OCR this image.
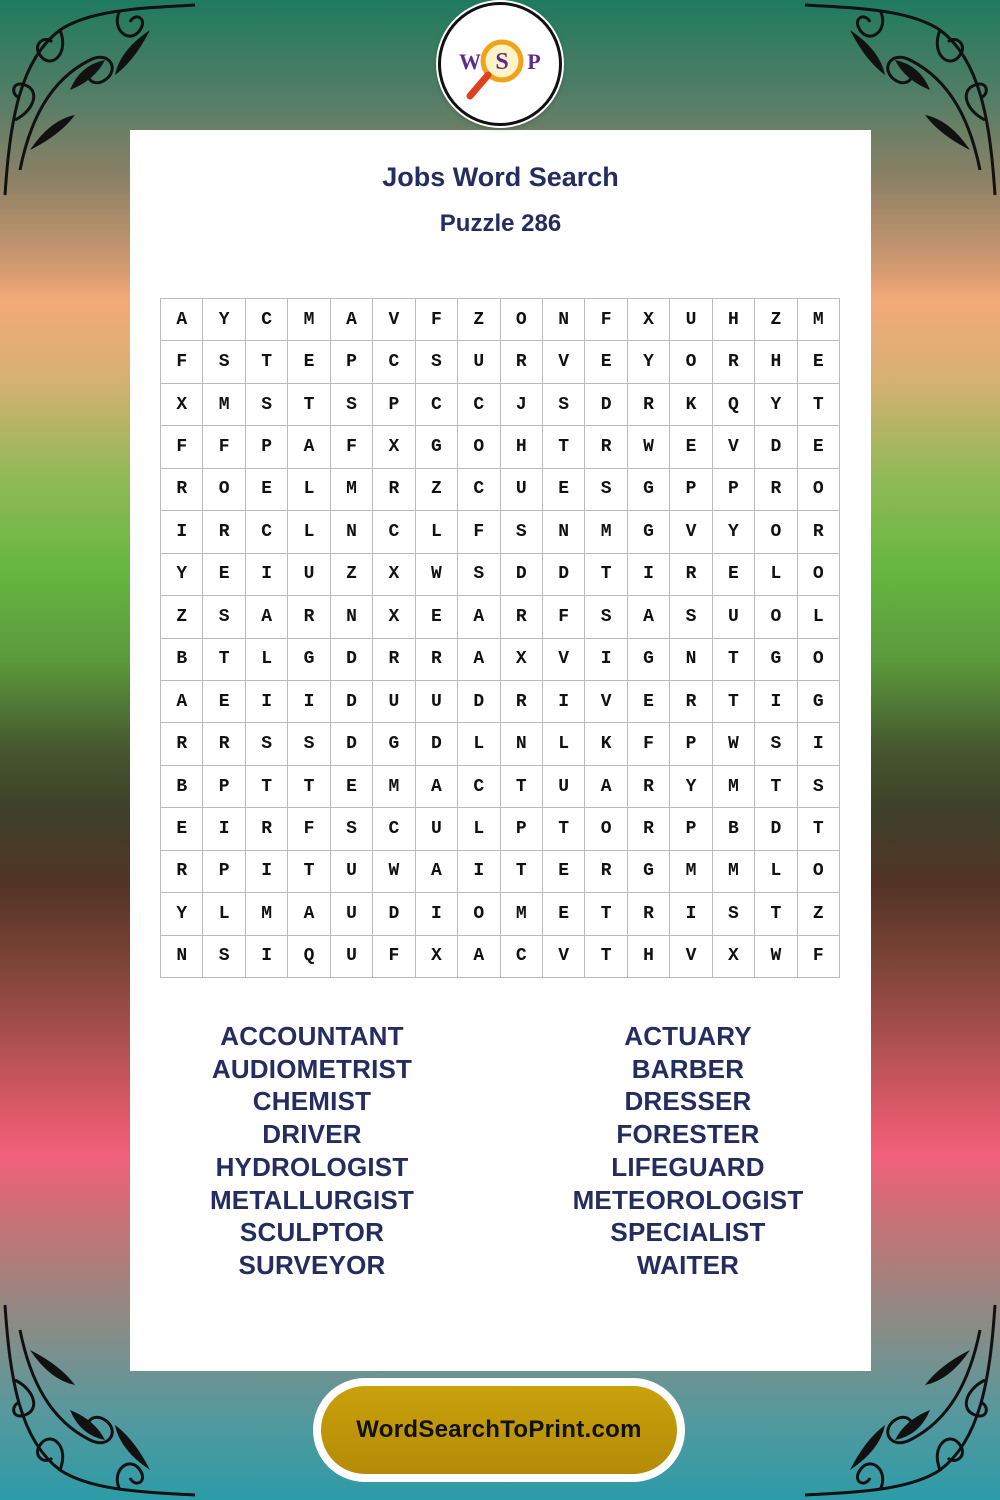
Jobs Word Search
Puzzle 286
A	Y	C	M	A	V	F	Z	O	N	F	X	U	H	Z	M
F	S	T	E	P	C	S	U	R	V	E	Y	O	R	H	E
X	M	S	T	S	P	C	C	J	S	D	R	K	Q	Y	T
F	F	P	A	F	X	G	O	H	T	R	W	E	V	D	E
R	O	E	L	M	R	Z	C	U	E	S	G	P	P	R	O
I	R	C	L	N	C	L	F	S	N	M	G	V	Y	O	R
Y	E	I	U	Z	X	W	S	D	D	T	I	R	E	L	O
Z	S	A	R	N	X	E	A	R	F	S	A	S	U	O	L
B	T	L	G	D	R	R	A	X	V	I	G	N	T	G	O
A	E	I	I	D	U	U	D	R	I	V	E	R	T	I	G
R	R	S	S	D	G	D	L	N	L	K	F	P	W	S	I
B	P	T	T	E	M	A	C	T	U	A	R	Y	M	T	S
E	I	R	F	S	C	U	L	P	T	O	R	P	B	D	T
R	P	I	T	U	W	A	I	T	E	R	G	M	M	L	O
Y	L	M	A	U	D	I	O	M	E	T	R	I	S	T	Z
N	S	I	Q	U	F	X	A	C	V	T	H	V	X	W	F
ACCOUNTANT
AUDIOMETRIST
CHEMIST
DRIVER
HYDROLOGIST
METALLURGIST
SCULPTOR
SURVEYOR
ACTUARY
BARBER
DRESSER
FORESTER
LIFEGUARD
METEOROLOGIST
SPECIALIST
WAITER
W S P
WordSearchToPrint.com
